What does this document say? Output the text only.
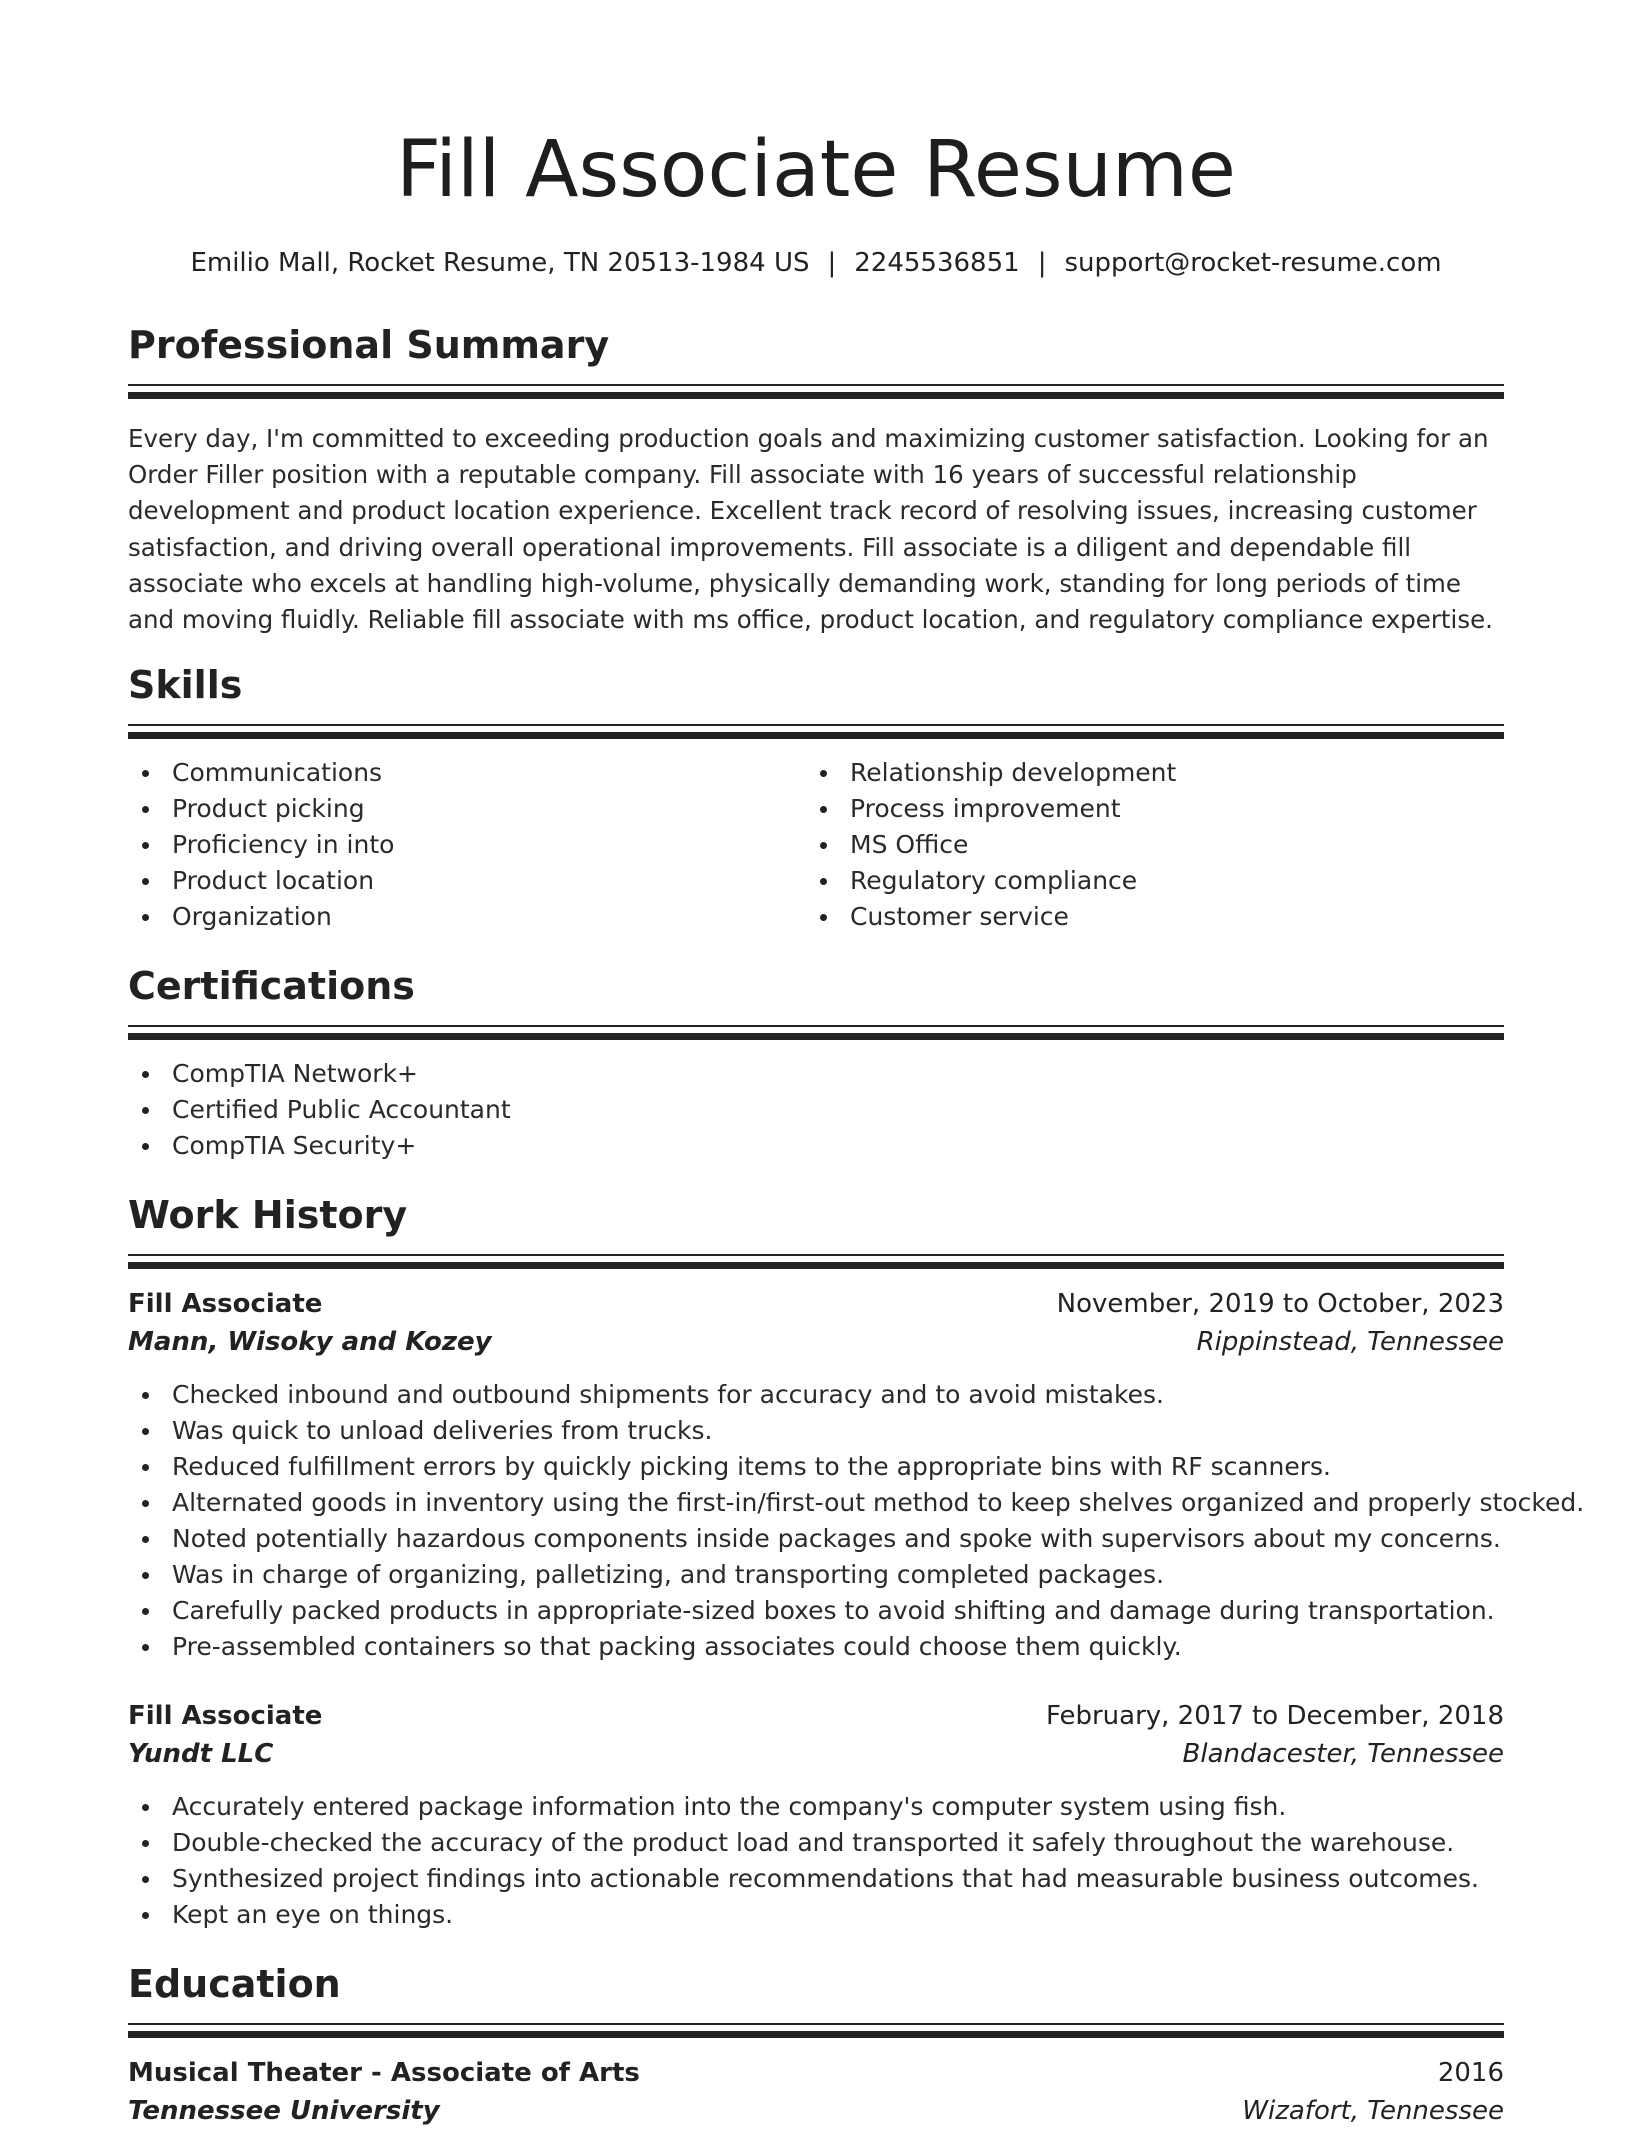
Fill Associate Resume
Emilio Mall, Rocket Resume, TN 20513-1984 US | 2245536851 | support@rocket-resume.com
Professional Summary
Every day, I'm committed to exceeding production goals and maximizing customer satisfaction. Looking for an Order Filler position with a reputable company. Fill associate with 16 years of successful relationship development and product location experience. Excellent track record of resolving issues, increasing customer satisfaction, and driving overall operational improvements. Fill associate is a diligent and dependable fill associate who excels at handling high-volume, physically demanding work, standing for long periods of time and moving fluidly. Reliable fill associate with ms office, product location, and regulatory compliance expertise.
Skills
Communications
Product picking
Proficiency in into
Product location
Organization
Relationship development
Process improvement
MS Office
Regulatory compliance
Customer service
Certifications
CompTIA Network+
Certified Public Accountant
CompTIA Security+
Work History
Fill Associate	November, 2019 to October, 2023
Mann, Wisoky and Kozey	Rippinstead, Tennessee
Checked inbound and outbound shipments for accuracy and to avoid mistakes.
Was quick to unload deliveries from trucks.
Reduced fulfillment errors by quickly picking items to the appropriate bins with RF scanners.
Alternated goods in inventory using the first-in/first-out method to keep shelves organized and properly stocked.
Noted potentially hazardous components inside packages and spoke with supervisors about my concerns.
Was in charge of organizing, palletizing, and transporting completed packages.
Carefully packed products in appropriate-sized boxes to avoid shifting and damage during transportation.
Pre-assembled containers so that packing associates could choose them quickly.
Fill Associate	February, 2017 to December, 2018
Yundt LLC	Blandacester, Tennessee
Accurately entered package information into the company's computer system using fish.
Double-checked the accuracy of the product load and transported it safely throughout the warehouse.
Synthesized project findings into actionable recommendations that had measurable business outcomes.
Kept an eye on things.
Education
Musical Theater - Associate of Arts	2016
Tennessee University	Wizafort, Tennessee
